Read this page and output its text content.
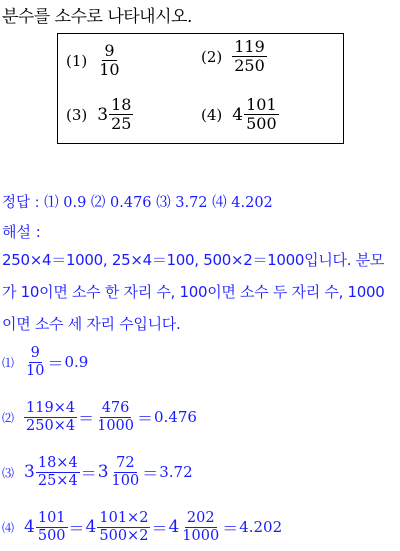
분수를 소수로 나타내시오.
$(1) \frac{9}{10}$	$(2) \frac{119}{250}$
(3) $3 \frac{18}{25}$	(4) $4 \frac{101}{500}$
정답 : ⑴ 0.9 ⑵ 0.476 ⑶ 3.72 ⑷ 4.202
해설 :
250×4＝1000, 25×4＝100, 500×2＝1000입니다. 분모가 10이면 소수 한 자리 수, 100이면 소수 두 자리 수, 1000이면 소수 세 자리 수입니다.
⑴ $\frac{9}{10} = 0.9$
⑵ $\frac{119\times 4}{250\times 4} = \frac{476}{1000} = 0.476$
⑶ $3 \frac{18\times 4}{25\times 4} = 3 \frac{72}{100} = 3.72$
⑷ $4 \frac{101}{500} = 4 \frac{101\times 2}{500\times 2} = 4 \frac{202}{1000} = 4.202$
